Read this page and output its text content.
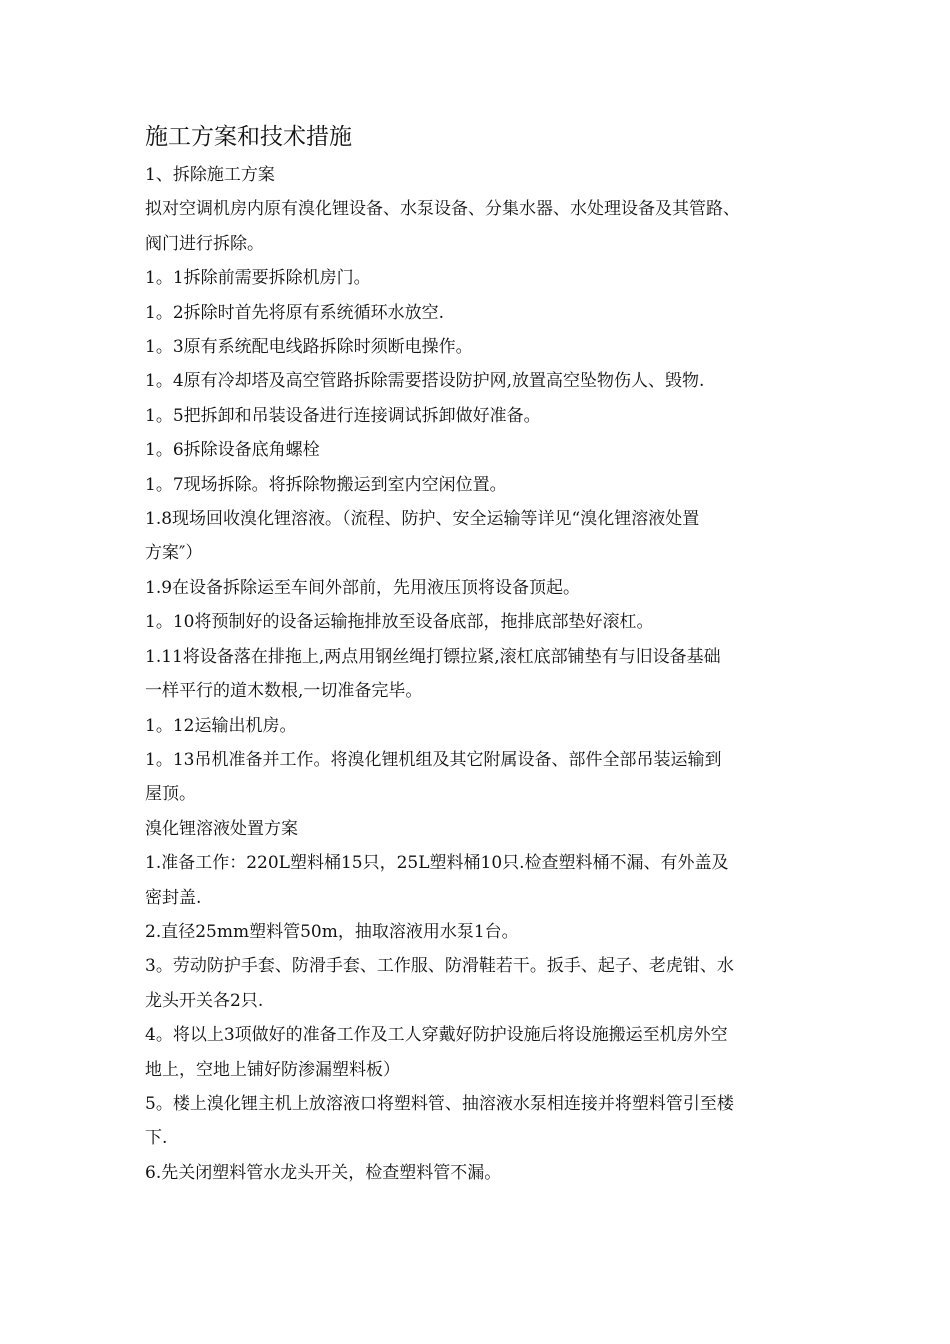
施工方案和技术措施
1、拆除施工方案
拟对空调机房内原有溴化锂设备、水泵设备、分集水器、水处理设备及其管路、
阀门进行拆除。
1。1拆除前需要拆除机房门。
1。2拆除时首先将原有系统循环水放空.
1。3原有系统配电线路拆除时须断电操作。
1。4原有冷却塔及高空管路拆除需要搭设防护网,放置高空坠物伤人、毁物.
1。5把拆卸和吊装设备进行连接调试拆卸做好准备。
1。6拆除设备底角螺栓
1。7现场拆除。将拆除物搬运到室内空闲位置。
1.8现场回收溴化锂溶液。（流程、防护、安全运输等详见“溴化锂溶液处置
方案″）
1.9在设备拆除运至车间外部前，先用液压顶将设备顶起。
1。10将预制好的设备运输拖排放至设备底部，拖排底部垫好滚杠。
1.11将设备落在排拖上,两点用钢丝绳打镖拉紧,滚杠底部铺垫有与旧设备基础
一样平行的道木数根,一切准备完毕。
1。12运输出机房。
1。13吊机准备并工作。将溴化锂机组及其它附属设备、部件全部吊装运输到
屋顶。
溴化锂溶液处置方案
1.准备工作：220L塑料桶15只，25L塑料桶10只.检查塑料桶不漏、有外盖及
密封盖.
2.直径25mm塑料管50m，抽取溶液用水泵1台。
3。劳动防护手套、防滑手套、工作服、防滑鞋若干。扳手、起子、老虎钳、水
龙头开关各2只.
4。将以上3项做好的准备工作及工人穿戴好防护设施后将设施搬运至机房外空
地上，空地上铺好防渗漏塑料板）
5。楼上溴化锂主机上放溶液口将塑料管、抽溶液水泵相连接并将塑料管引至楼
下.
6.先关闭塑料管水龙头开关，检查塑料管不漏。
